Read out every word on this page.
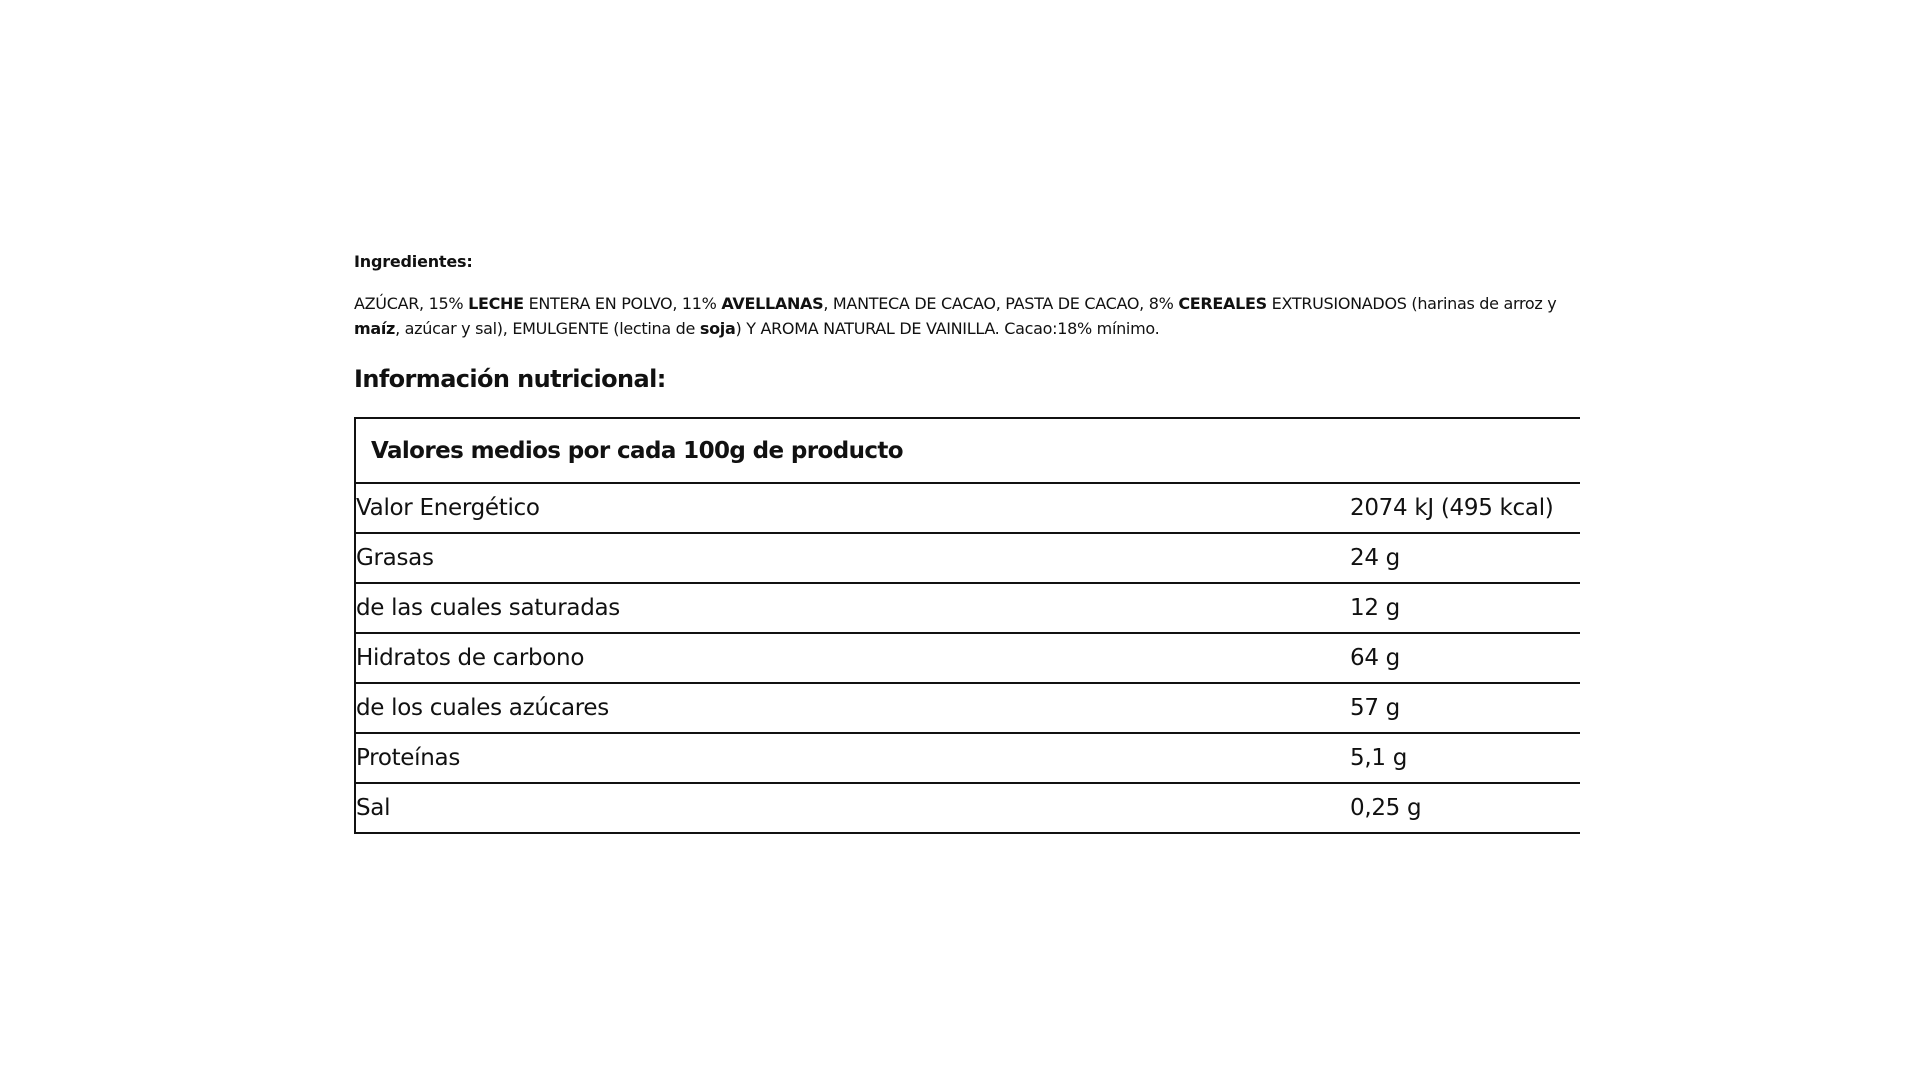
Ingredientes:

AZÚCAR, 15% LECHE ENTERA EN POLVO, 11% AVELLANAS, MANTECA DE CACAO, PASTA DE CACAO, 8% CEREALES EXTRUSIONADOS (harinas de arroz y maíz, azúcar y sal), EMULGENTE (lectina de soja) Y AROMA NATURAL DE VAINILLA. Cacao:18% mínimo.

Información nutricional:

Valores medios por cada 100g de producto	
Valor Energético	2074 kJ (495 kcal)
Grasas	24 g
de las cuales saturadas	12 g
Hidratos de carbono	64 g
de los cuales azúcares	57 g
Proteínas	5,1 g
Sal	0,25 g
